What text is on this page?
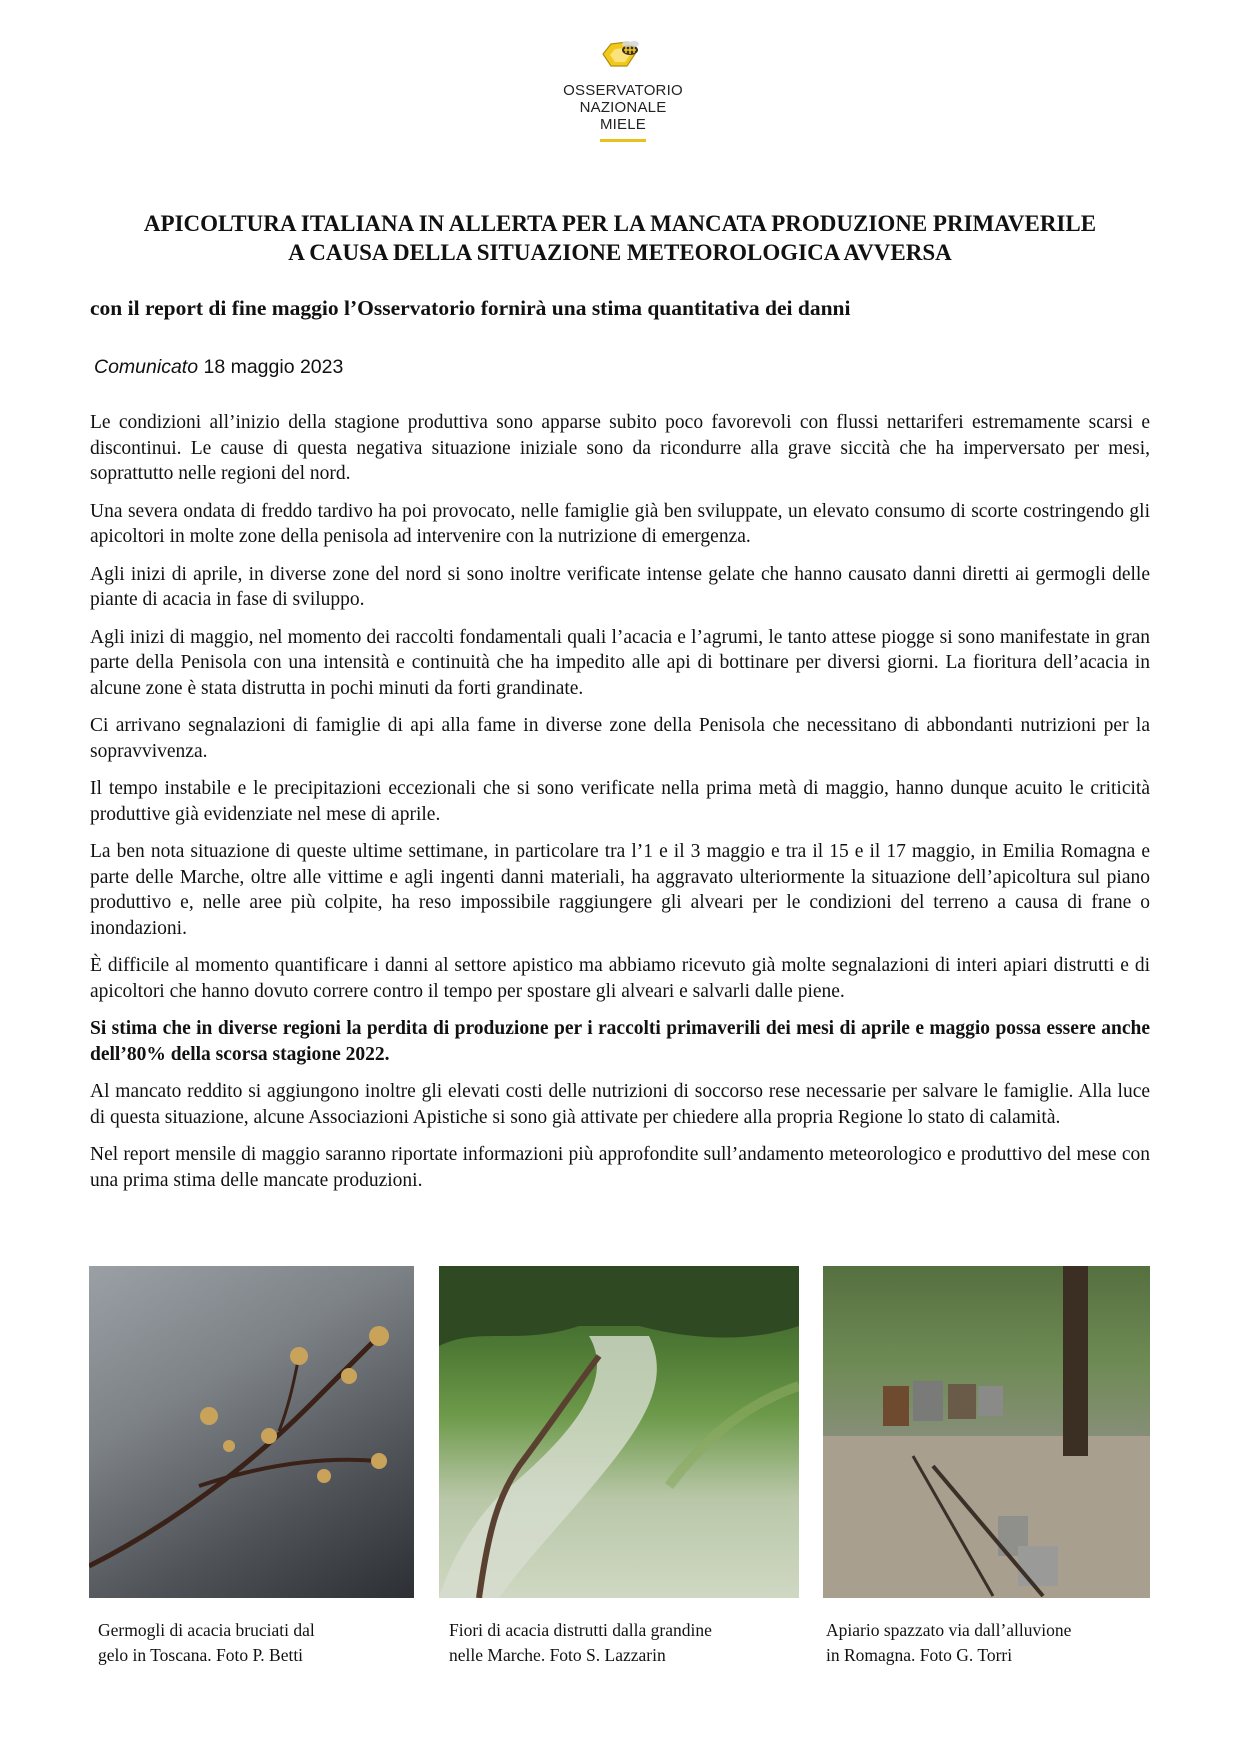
OSSERVATORIO
NAZIONALE
MIELE
APICOLTURA ITALIANA IN ALLERTA PER LA MANCATA PRODUZIONE PRIMAVERILE
A CAUSA DELLA SITUAZIONE METEOROLOGICA AVVERSA
con il report di fine maggio l’Osservatorio fornirà una stima quantitativa dei danni

Comunicato 18 maggio 2023

Le condizioni all’inizio della stagione produttiva sono apparse subito poco favorevoli con flussi nettariferi estremamente scarsi e discontinui. Le cause di questa negativa situazione iniziale sono da ricondurre alla grave siccità che ha imperversato per mesi, soprattutto nelle regioni del nord.

Una severa ondata di freddo tardivo ha poi provocato, nelle famiglie già ben sviluppate, un elevato consumo di scorte costringendo gli apicoltori in molte zone della penisola ad intervenire con la nutrizione di emergenza.

Agli inizi di aprile, in diverse zone del nord si sono inoltre verificate intense gelate che hanno causato danni diretti ai germogli delle piante di acacia in fase di sviluppo.

Agli inizi di maggio, nel momento dei raccolti fondamentali quali l’acacia e l’agrumi, le tanto attese piogge si sono manifestate in gran parte della Penisola con una intensità e continuità che ha impedito alle api di bottinare per diversi giorni. La fioritura dell’acacia in alcune zone è stata distrutta in pochi minuti da forti grandinate.

Ci arrivano segnalazioni di famiglie di api alla fame in diverse zone della Penisola che necessitano di abbondanti nutrizioni per la sopravvivenza.

Il tempo instabile e le precipitazioni eccezionali che si sono verificate nella prima metà di maggio, hanno dunque acuito le criticità produttive già evidenziate nel mese di aprile.

La ben nota situazione di queste ultime settimane, in particolare tra l’1 e il 3 maggio e tra il 15 e il 17 maggio, in Emilia Romagna e parte delle Marche, oltre alle vittime e agli ingenti danni materiali, ha aggravato ulteriormente la situazione dell’apicoltura sul piano produttivo e, nelle aree più colpite, ha reso impossibile raggiungere gli alveari per le condizioni del terreno a causa di frane o inondazioni.

È difficile al momento quantificare i danni al settore apistico ma abbiamo ricevuto già molte segnalazioni di interi apiari distrutti e di apicoltori che hanno dovuto correre contro il tempo per spostare gli alveari e salvarli dalle piene.

Si stima che in diverse regioni la perdita di produzione per i raccolti primaverili dei mesi di aprile e maggio possa essere anche dell’80% della scorsa stagione 2022.

Al mancato reddito si aggiungono inoltre gli elevati costi delle nutrizioni di soccorso rese necessarie per salvare le famiglie. Alla luce di questa situazione, alcune Associazioni Apistiche si sono già attivate per chiedere alla propria Regione lo stato di calamità.

Nel report mensile di maggio saranno riportate informazioni più approfondite sull’andamento meteorologico e produttivo del mese con una prima stima delle mancate produzioni.

Germogli di acacia bruciati dal
gelo in Toscana. Foto P. Betti

Fiori di acacia distrutti dalla grandine
nelle Marche. Foto S. Lazzarin

Apiario spazzato via dall’alluvione
in Romagna. Foto G. Torri
